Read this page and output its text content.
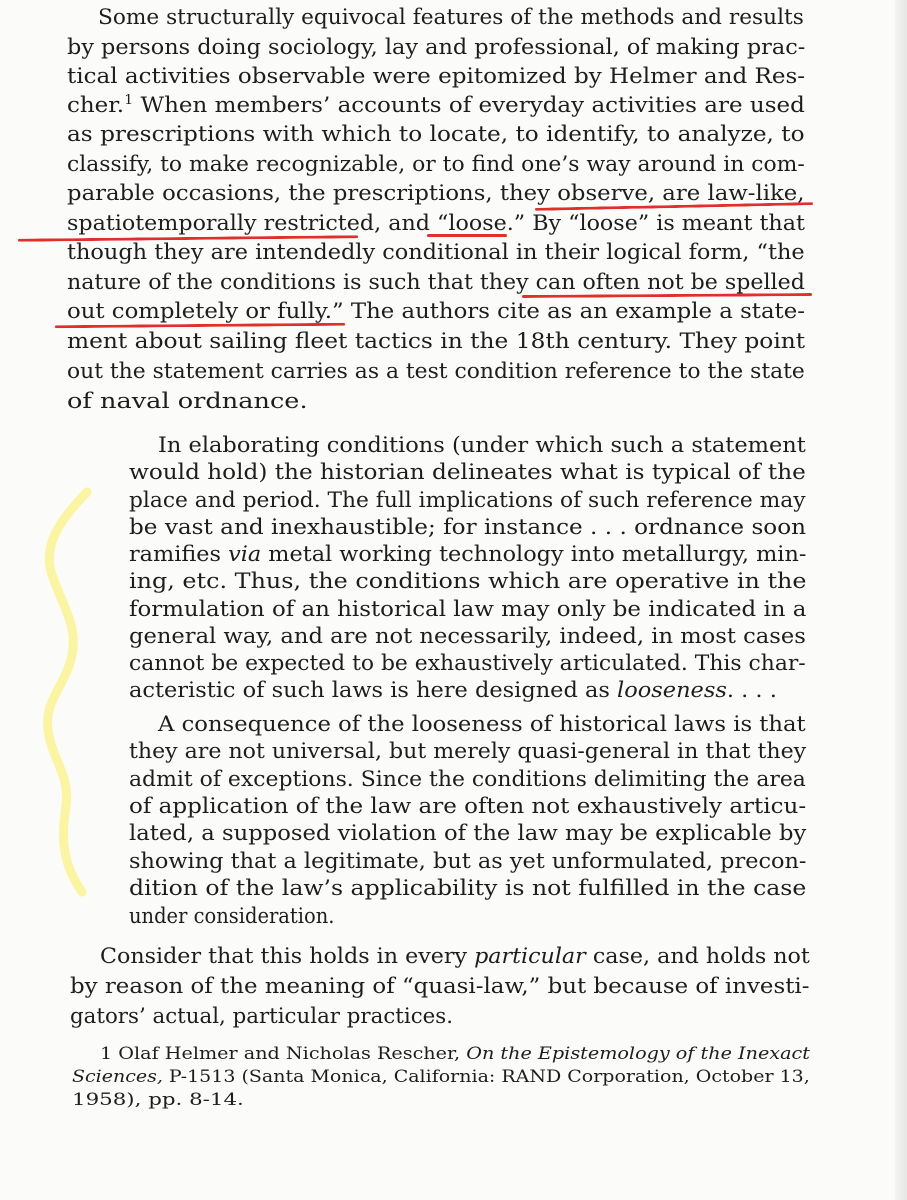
Some structurally equivocal features of the methods and results
by persons doing sociology, lay and professional, of making prac-
tical activities observable were epitomized by Helmer and Res-
cher.$^1$ When members’ accounts of everyday activities are used
as prescriptions with which to locate, to identify, to analyze, to
classify, to make recognizable, or to find one’s way around in com-
parable occasions, the prescriptions, they observe, are law-like,
spatiotemporally restricted, and “loose.” By “loose” is meant that
though they are intendedly conditional in their logical form, “the
nature of the conditions is such that they can often not be spelled
out completely or fully.” The authors cite as an example a state-
ment about sailing fleet tactics in the 18th century. They point
out the statement carries as a test condition reference to the state
of naval ordnance.
In elaborating conditions (under which such a statement
would hold) the historian delineates what is typical of the
place and period. The full implications of such reference may
be vast and inexhaustible; for instance . . . ordnance soon
ramifies via metal working technology into metallurgy, min-
ing, etc. Thus, the conditions which are operative in the
formulation of an historical law may only be indicated in a
general way, and are not necessarily, indeed, in most cases
cannot be expected to be exhaustively articulated. This char-
acteristic of such laws is here designed as looseness. . . .
A consequence of the looseness of historical laws is that
they are not universal, but merely quasi-general in that they
admit of exceptions. Since the conditions delimiting the area
of application of the law are often not exhaustively articu-
lated, a supposed violation of the law may be explicable by
showing that a legitimate, but as yet unformulated, precon-
dition of the law’s applicability is not fulfilled in the case
under consideration.
Consider that this holds in every particular case, and holds not
by reason of the meaning of “quasi-law,” but because of investi-
gators’ actual, particular practices.
1 Olaf Helmer and Nicholas Rescher, On the Epistemology of the Inexact
Sciences, P-1513 (Santa Monica, California: RAND Corporation, October 13,
1958), pp. 8-14.
